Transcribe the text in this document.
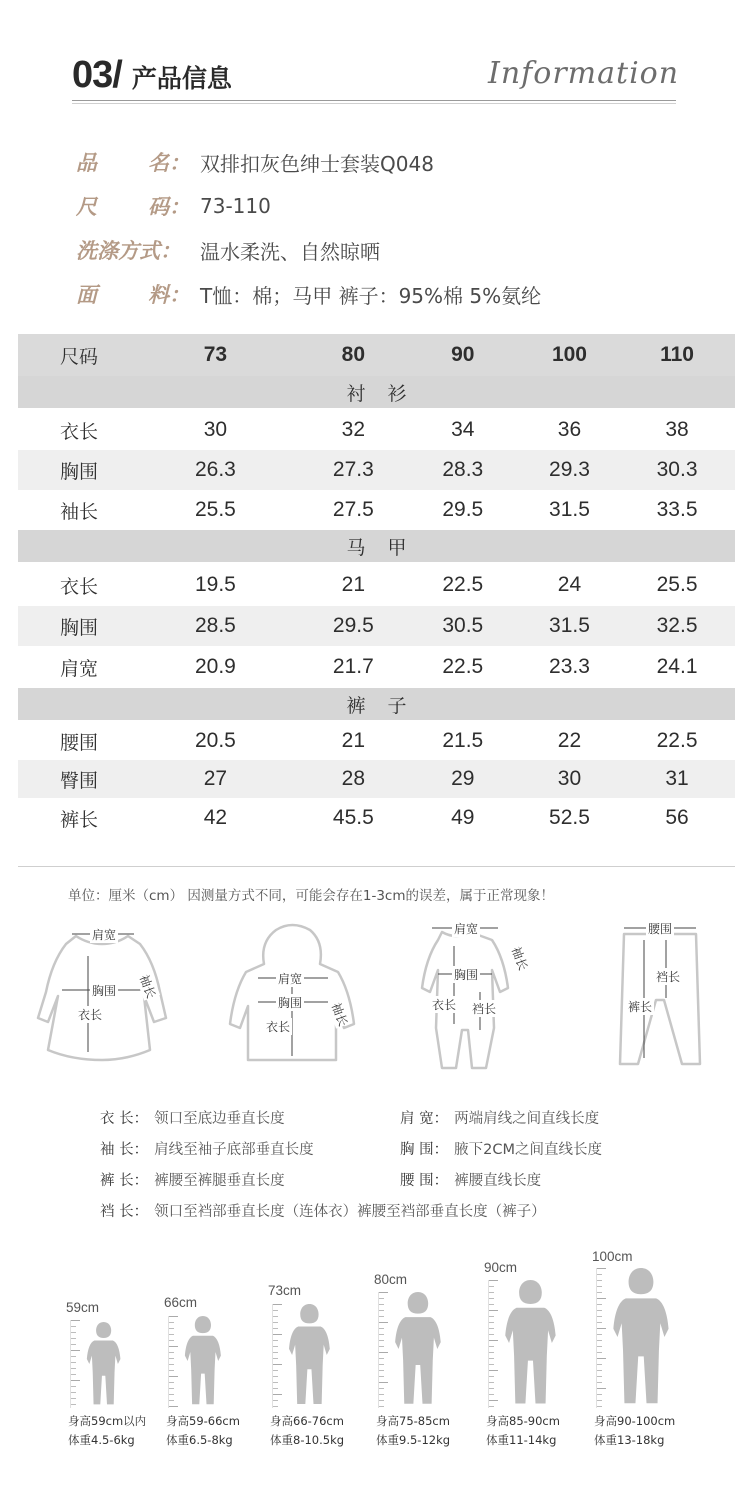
03/ 产品信息	Information
品 名： 双排扣灰色绅士套装Q048
尺 码： 73-110
洗涤方式： 温水柔洗、自然晾晒
面 料： T恤：棉；马甲 裤子：95%棉 5%氨纶
尺码	73	80	90	100	110
衬衫
衣长	30	32	34	36	38
胸围	26.3	27.3	28.3	29.3	30.3
袖长	25.5	27.5	29.5	31.5	33.5
马甲
衣长	19.5	21	22.5	24	25.5
胸围	28.5	29.5	30.5	31.5	32.5
肩宽	20.9	21.7	22.5	23.3	24.1
裤子
腰围	20.5	21	21.5	22	22.5
臀围	27	28	29	30	31
裤长	42	45.5	49	52.5	56
单位：厘米（cm） 因测量方式不同，可能会存在1-3cm的误差，属于正常现象！
肩宽
胸围
衣长
袖长	肩宽
胸围
衣长	袖长
肩宽
胸围
衣长 裆长
袖长
腰围
裆长
裤长
衣 长： 领口至底边垂直长度	肩 宽： 两端肩线之间直线长度
袖 长： 肩线至袖子底部垂直长度	胸 围： 腋下2CM之间直线长度
裤 长： 裤腰至裤腿垂直长度	腰 围： 裤腰直线长度
裆 长： 领口至裆部垂直长度（连体衣）裤腰至裆部垂直长度（裤子）
59cm
身高59cm以内
体重4.5-6kg
66cm
身高59-66cm
体重6.5-8kg
73cm
身高66-76cm
体重8-10.5kg
80cm
身高75-85cm
体重9.5-12kg
90cm
身高85-90cm
体重11-14kg
100cm
身高90-100cm
体重13-18kg
